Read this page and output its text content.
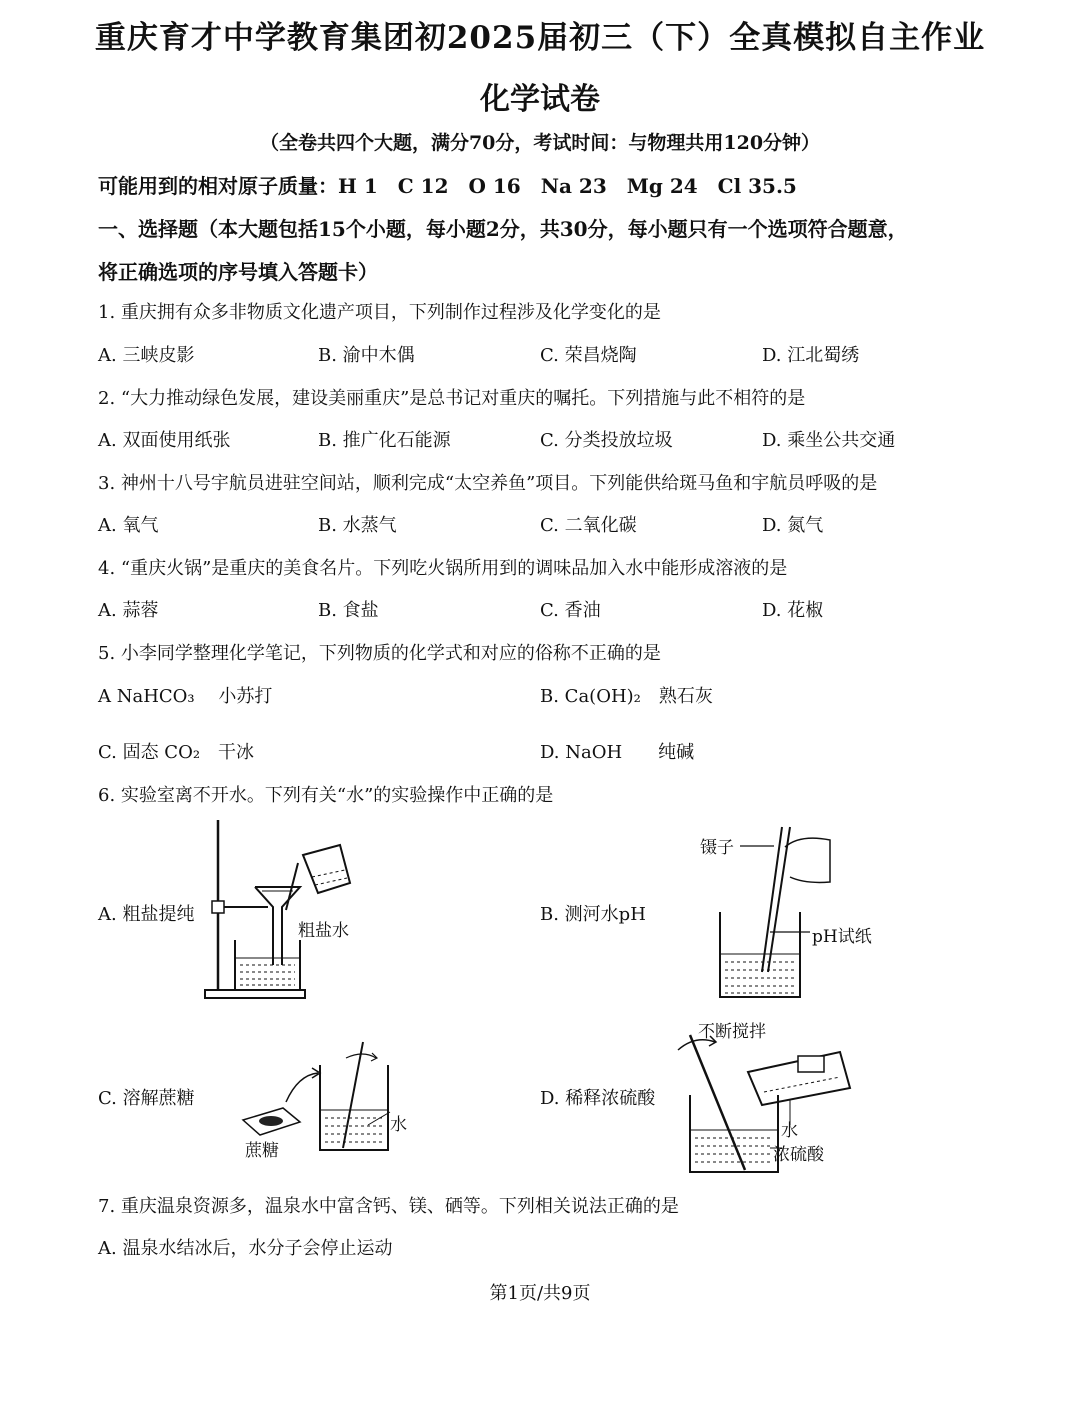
重庆育才中学教育集团初2025届初三（下）全真模拟自主作业
化学试卷
（全卷共四个大题，满分70分，考试时间：与物理共用120分钟）
可能用到的相对原子质量：H 1　C 12　O 16　Na 23　Mg 24　Cl 35.5
一、选择题（本大题包括15个小题，每小题2分，共30分，每小题只有一个选项符合题意，
将正确选项的序号填入答题卡）
1. 重庆拥有众多非物质文化遗产项目，下列制作过程涉及化学变化的是
A. 三峡皮影	B. 渝中木偶	C. 荣昌烧陶	D. 江北蜀绣
2. “大力推动绿色发展，建设美丽重庆”是总书记对重庆的嘱托。下列措施与此不相符的是
A. 双面使用纸张	B. 推广化石能源	C. 分类投放垃圾	D. 乘坐公共交通
3. 神州十八号宇航员进驻空间站，顺利完成“太空养鱼”项目。下列能供给斑马鱼和宇航员呼吸的是
A. 氧气	B. 水蒸气	C. 二氧化碳	D. 氮气
4. “重庆火锅”是重庆的美食名片。下列吃火锅所用到的调味品加入水中能形成溶液的是
A. 蒜蓉	B. 食盐	C. 香油	D. 花椒
5. 小李同学整理化学笔记，下列物质的化学式和对应的俗称不正确的是
A NaHCO₃　 小苏打	B. Ca(OH)₂　熟石灰
C. 固态 CO₂　干冰	D. NaOH　　纯碱
6. 实验室离不开水。下列有关“水”的实验操作中正确的是
A. 粗盐提纯	B. 测河水pH
C. 溶解蔗糖	D. 稀释浓硫酸
粗盐水
镊子
pH试纸
蔗糖
水
不断搅拌
水
浓硫酸
7. 重庆温泉资源多，温泉水中富含钙、镁、硒等。下列相关说法正确的是
A. 温泉水结冰后，水分子会停止运动
第1页/共9页
